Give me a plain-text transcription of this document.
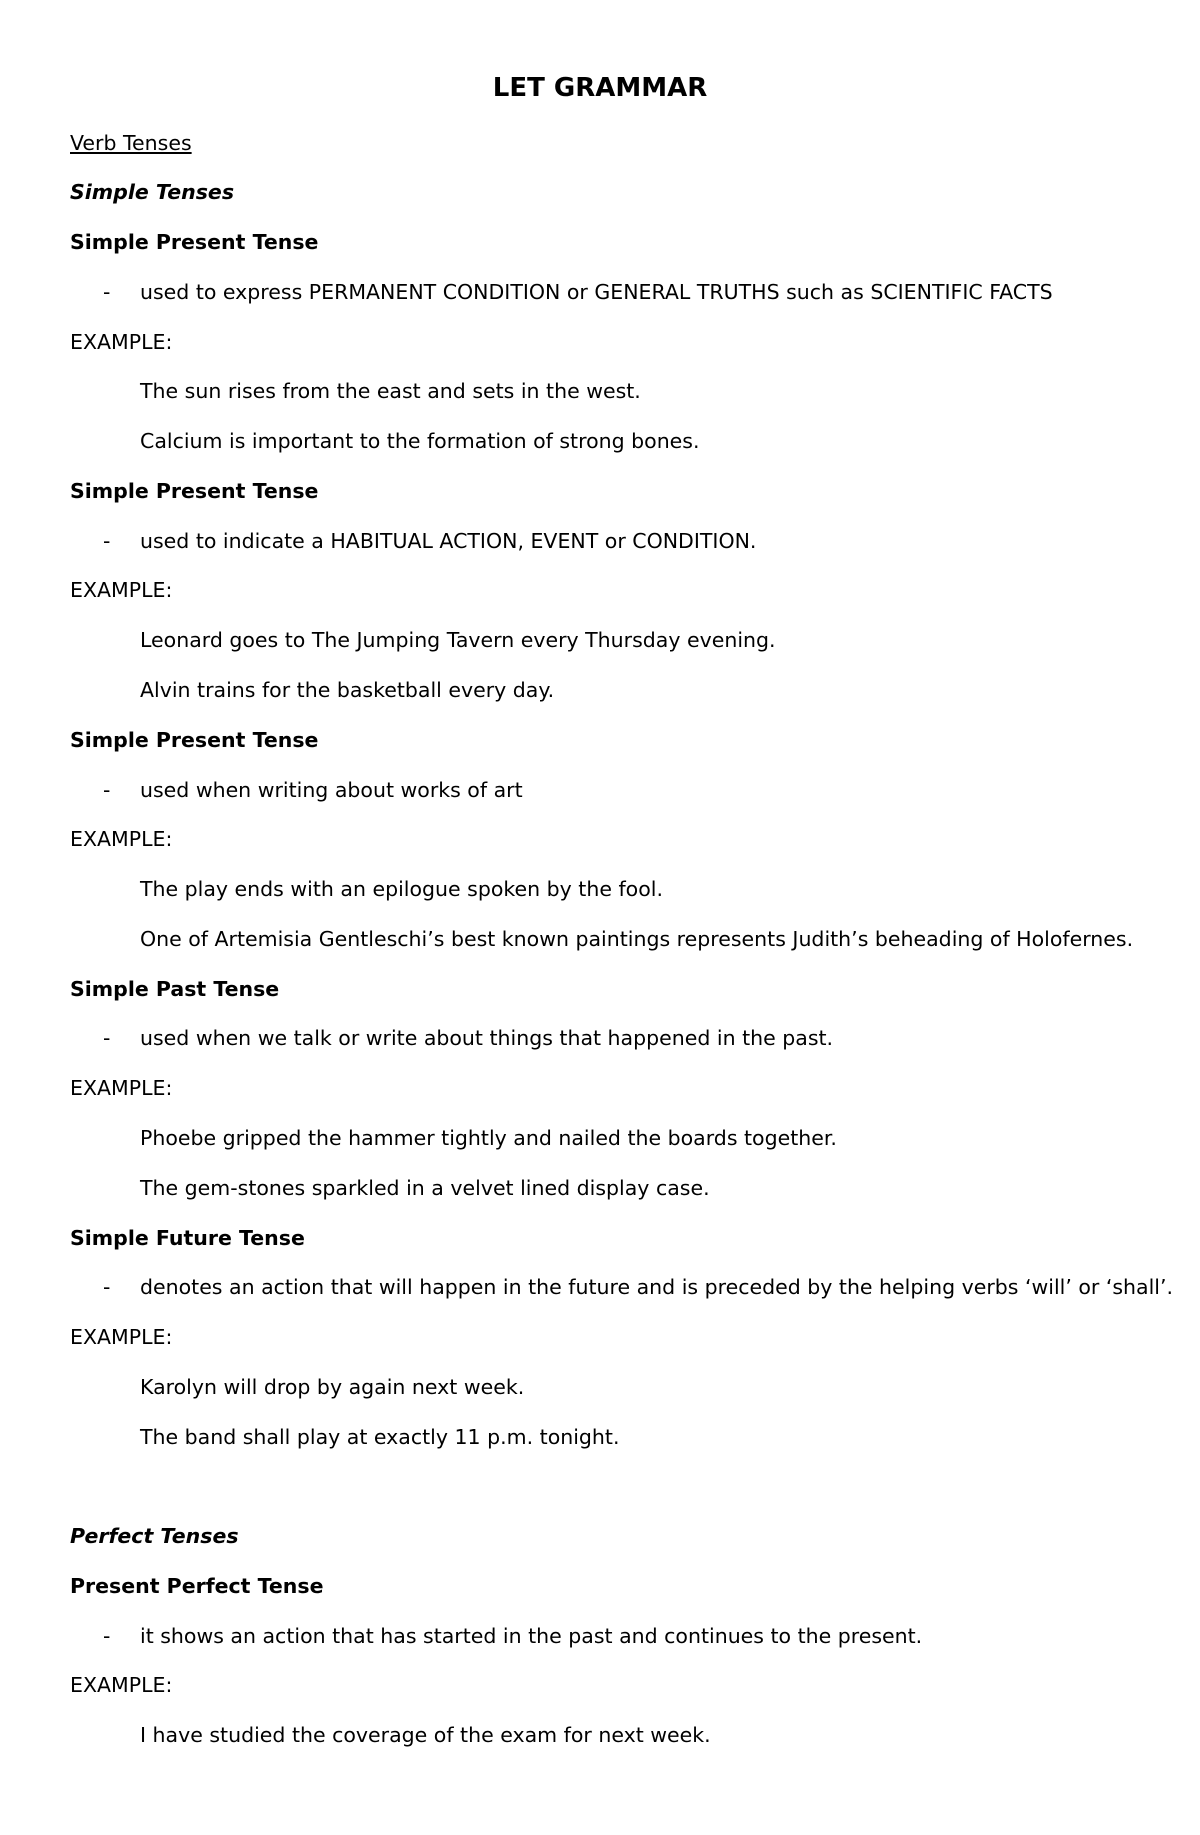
LET GRAMMAR
Verb Tenses
Simple Tenses
Simple Present Tense
- used to express PERMANENT CONDITION or GENERAL TRUTHS such as SCIENTIFIC FACTS
EXAMPLE:
The sun rises from the east and sets in the west.
Calcium is important to the formation of strong bones.
Simple Present Tense
- used to indicate a HABITUAL ACTION, EVENT or CONDITION.
EXAMPLE:
Leonard goes to The Jumping Tavern every Thursday evening.
Alvin trains for the basketball every day.
Simple Present Tense
- used when writing about works of art
EXAMPLE:
The play ends with an epilogue spoken by the fool.
One of Artemisia Gentleschi’s best known paintings represents Judith’s beheading of Holofernes.
Simple Past Tense
- used when we talk or write about things that happened in the past.
EXAMPLE:
Phoebe gripped the hammer tightly and nailed the boards together.
The gem-stones sparkled in a velvet lined display case.
Simple Future Tense
- denotes an action that will happen in the future and is preceded by the helping verbs ‘will’ or ‘shall’.
EXAMPLE:
Karolyn will drop by again next week.
The band shall play at exactly 11 p.m. tonight.
Perfect Tenses
Present Perfect Tense
- it shows an action that has started in the past and continues to the present.
EXAMPLE:
I have studied the coverage of the exam for next week.
